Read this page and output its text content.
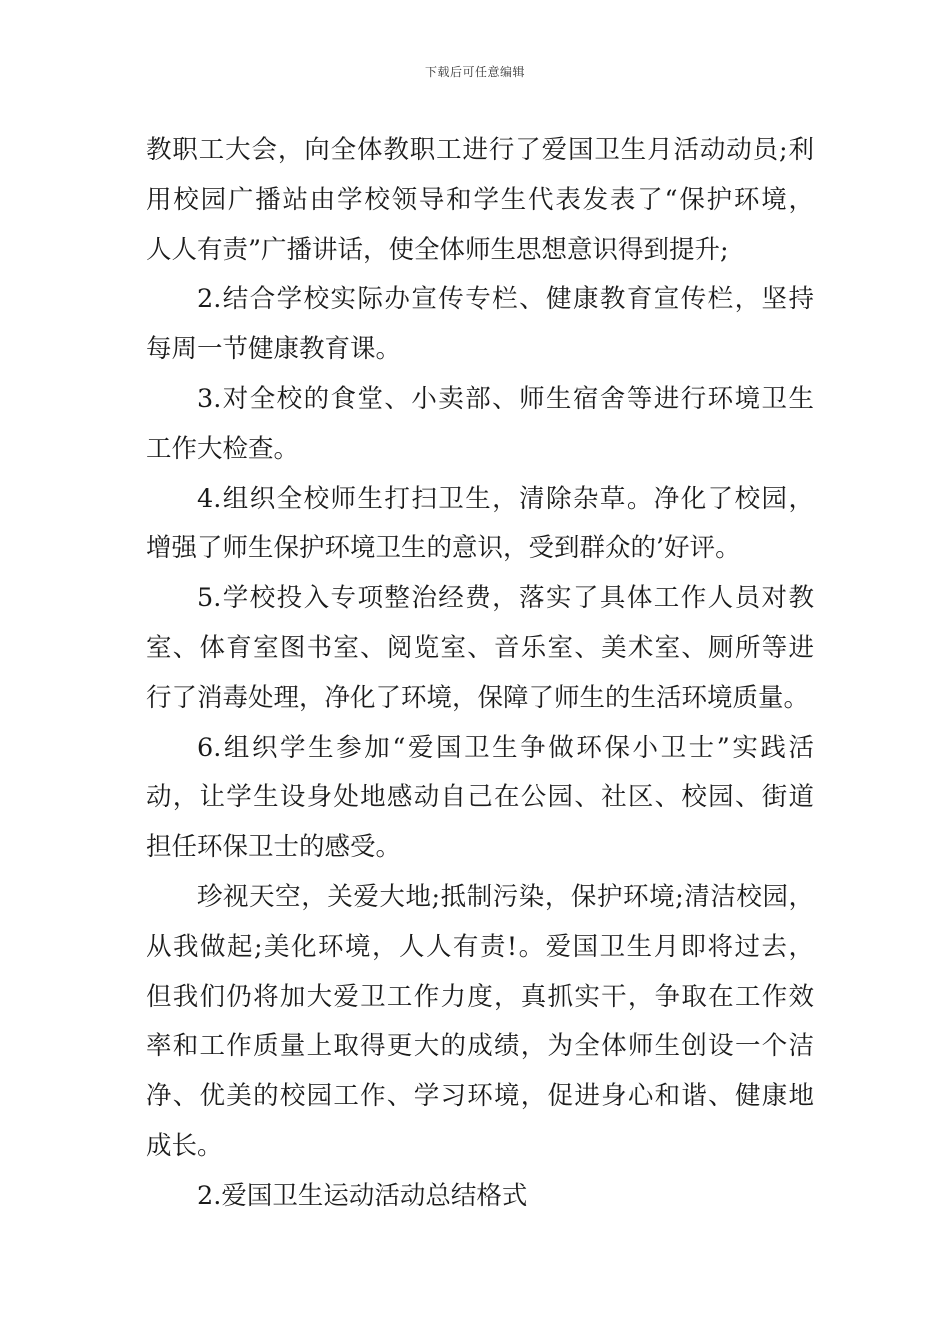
下载后可任意编辑
教职工大会，向全体教职工进行了爱国卫生月活动动员;利
用校园广播站由学校领导和学生代表发表了“保护环境，
人人有责”广播讲话，使全体师生思想意识得到提升;
2.结合学校实际办宣传专栏、健康教育宣传栏，坚持
每周一节健康教育课。
3.对全校的食堂、小卖部、师生宿舍等进行环境卫生
工作大检查。
4.组织全校师生打扫卫生，清除杂草。净化了校园，
增强了师生保护环境卫生的意识，受到群众的’好评。
5.学校投入专项整治经费，落实了具体工作人员对教
室、体育室图书室、阅览室、音乐室、美术室、厕所等进
行了消毒处理，净化了环境，保障了师生的生活环境质量。
6.组织学生参加“爱国卫生争做环保小卫士”实践活
动，让学生设身处地感动自己在公园、社区、校园、街道
担任环保卫士的感受。
珍视天空，关爱大地;抵制污染，保护环境;清洁校园，
从我做起;美化环境，人人有责!。爱国卫生月即将过去，
但我们仍将加大爱卫工作力度，真抓实干，争取在工作效
率和工作质量上取得更大的成绩，为全体师生创设一个洁
净、优美的校园工作、学习环境，促进身心和谐、健康地
成长。
2.爱国卫生运动活动总结格式
